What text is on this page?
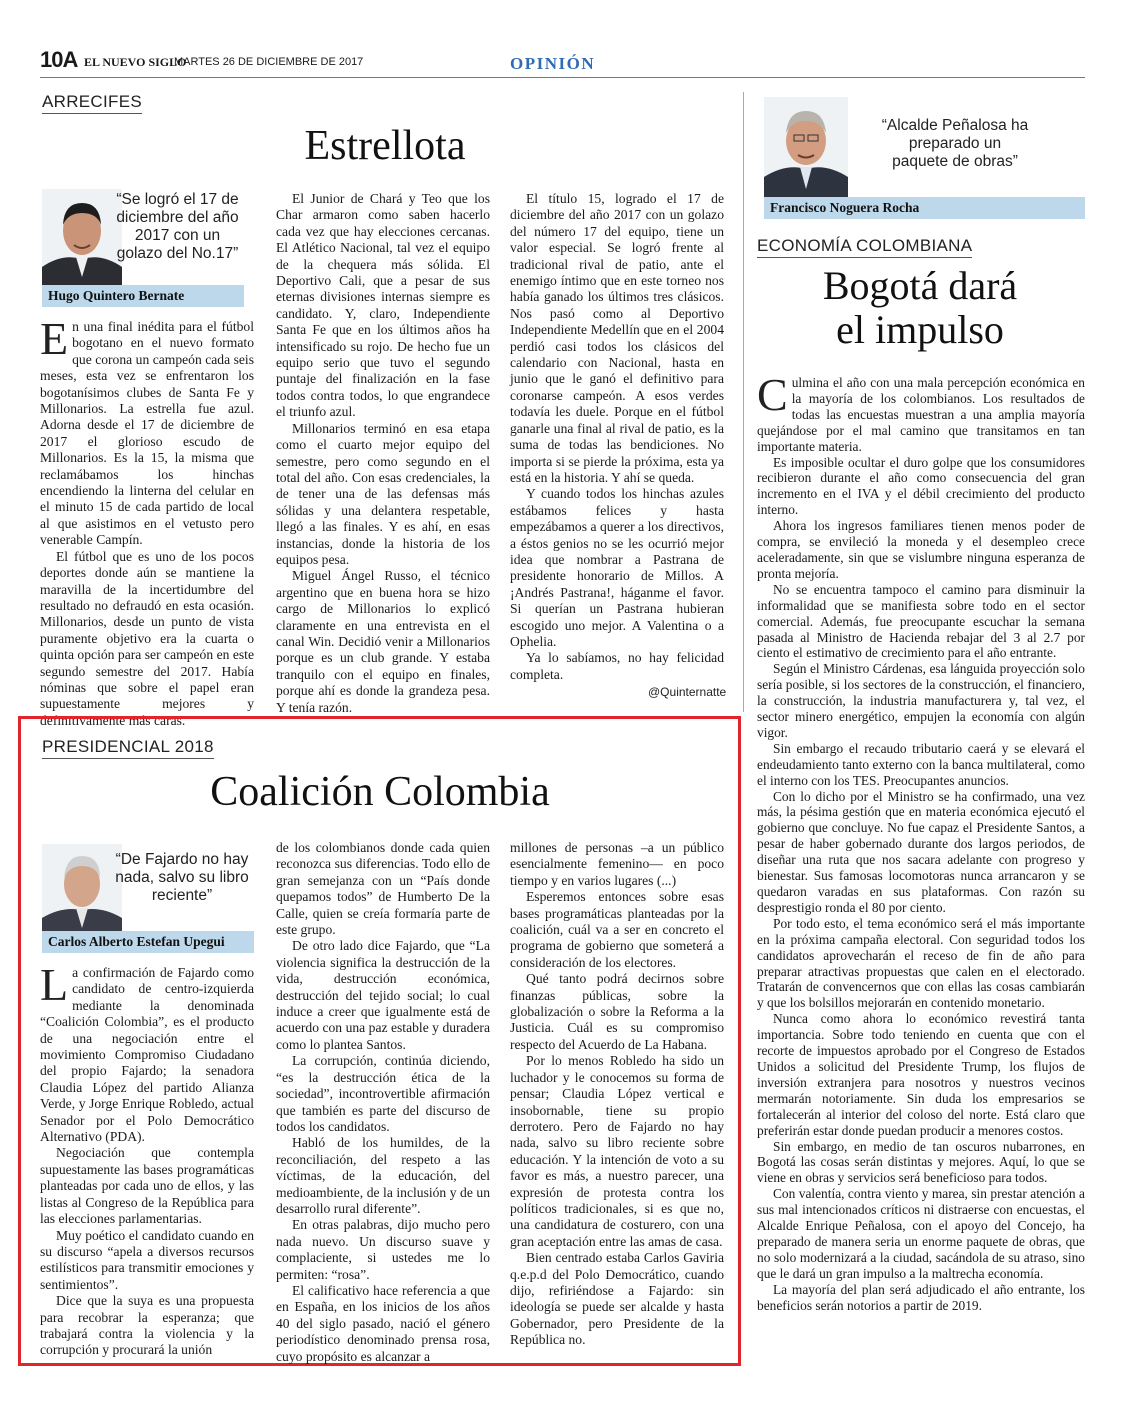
10A EL NUEVO SIGLO
MARTES 26 DE DICIEMBRE DE 2017	OPINIÓN
ARRECIFES
Estrellota
“Se logró el 17 de diciembre del año 2017 con un golazo del No.17”
Hugo Quintero Bernate

En una final inédita para el fútbol bogotano en el nuevo formato que corona un campeón cada seis meses, esta vez se enfrentaron los bogotanísimos clubes de Santa Fe y Millonarios. La estrella fue azul. Adorna desde el 17 de diciembre de 2017 el glorioso escudo de Millonarios. Es la 15, la misma que reclamábamos los hinchas encendiendo la linterna del celular en el minuto 15 de cada partido de local al que asistimos en el vetusto pero venerable Campín.

El fútbol que es uno de los pocos deportes donde aún se mantiene la maravilla de la incertidumbre del resultado no defraudó en esta ocasión. Millonarios, desde un punto de vista puramente objetivo era la cuarta o quinta opción para ser campeón en este segundo semestre del 2017. Había nóminas que sobre el papel eran supuestamente mejores y definitivamente más caras.

El Junior de Chará y Teo que los Char armaron como saben hacerlo cada vez que hay elecciones cercanas. El Atlético Nacional, tal vez el equipo de la chequera más sólida. El Deportivo Cali, que a pesar de sus eternas divisiones internas siempre es candidato. Y, claro, Independiente Santa Fe que en los últimos años ha intensificado su rojo. De hecho fue un equipo serio que tuvo el segundo puntaje del finalización en la fase todos contra todos, lo que engrandece el triunfo azul.

Millonarios terminó en esa etapa como el cuarto mejor equipo del semestre, pero como segundo en el total del año. Con esas credenciales, la de tener una de las defensas más sólidas y una delantera respetable, llegó a las finales. Y es ahí, en esas instancias, donde la historia de los equipos pesa.

Miguel Ángel Russo, el técnico argentino que en buena hora se hizo cargo de Millonarios lo explicó claramente en una entrevista en el canal Win. Decidió venir a Millonarios porque es un club grande. Y estaba tranquilo con el equipo en finales, porque ahí es donde la grandeza pesa. Y tenía razón.

El título 15, logrado el 17 de diciembre del año 2017 con un golazo del número 17 del equipo, tiene un valor especial. Se logró frente al tradicional rival de patio, ante el enemigo íntimo que en este torneo nos había ganado los últimos tres clásicos. Nos pasó como al Deportivo Independiente Medellín que en el 2004 perdió casi todos los clásicos del calendario con Nacional, hasta en junio que le ganó el definitivo para coronarse campeón. A esos verdes todavía les duele. Porque en el fútbol ganarle una final al rival de patio, es la suma de todas las bendiciones. No importa si se pierde la próxima, esta ya está en la historia. Y ahí se queda.

Y cuando todos los hinchas azules estábamos felices y hasta empezábamos a querer a los directivos, a éstos genios no se les ocurrió mejor idea que nombrar a Pastrana de presidente honorario de Millos. A ¡Andrés Pastrana!, háganme el favor. Si querían un Pastrana hubieran escogido uno mejor. A Valentina o a Ophelia.

Ya lo sabíamos, no hay felicidad completa.

@Quinternatte
PRESIDENCIAL 2018
Coalición Colombia
“De Fajardo no hay nada, salvo su libro reciente”
Carlos Alberto Estefan Upegui

La confirmación de Fajardo como candidato de centro-izquierda mediante la denominada “Coalición Colombia”, es el producto de una negociación entre el movimiento Compromiso Ciudadano del propio Fajardo; la senadora Claudia López del partido Alianza Verde, y Jorge Enrique Robledo, actual Senador por el Polo Democrático Alternativo (PDA).

Negociación que contempla supuestamente las bases programáticas planteadas por cada uno de ellos, y las listas al Congreso de la República para las elecciones parlamentarias.

Muy poético el candidato cuando en su discurso “apela a diversos recursos estilísticos para transmitir emociones y sentimientos”.

Dice que la suya es una propuesta para recobrar la esperanza; que trabajará contra la violencia y la corrupción y procurará la unión

de los colombianos donde cada quien reconozca sus diferencias. Todo ello de gran semejanza con un “País donde quepamos todos” de Humberto De la Calle, quien se creía formaría parte de este grupo.

De otro lado dice Fajardo, que “La violencia significa la destrucción de la vida, destrucción económica, destrucción del tejido social; lo cual induce a creer que igualmente está de acuerdo con una paz estable y duradera como lo plantea Santos.

La corrupción, continúa diciendo, “es la destrucción ética de la sociedad”, incontrovertible afirmación que también es parte del discurso de todos los candidatos.

Habló de los humildes, de la reconciliación, del respeto a las víctimas, de la educación, del medioambiente, de la inclusión y de un desarrollo rural diferente”.

En otras palabras, dijo mucho pero nada nuevo. Un discurso suave y complaciente, si ustedes me lo permiten: “rosa”.

El calificativo hace referencia a que en España, en los inicios de los años 40 del siglo pasado, nació el género periodístico denominado prensa rosa, cuyo propósito es alcanzar a

millones de personas –a un público esencialmente femenino— en poco tiempo y en varios lugares (...)

Esperemos entonces sobre esas bases programáticas planteadas por la coalición, cuál va a ser en concreto el programa de gobierno que someterá a consideración de los electores.

Qué tanto podrá decirnos sobre finanzas públicas, sobre la globalización o sobre la Reforma a la Justicia. Cuál es su compromiso respecto del Acuerdo de La Habana.

Por lo menos Robledo ha sido un luchador y le conocemos su forma de pensar; Claudia López vertical e insobornable, tiene su propio derrotero. Pero de Fajardo no hay nada, salvo su libro reciente sobre educación. Y la intención de voto a su favor es más, a nuestro parecer, una expresión de protesta contra los políticos tradicionales, si es que no, una candidatura de costurero, con una gran aceptación entre las amas de casa.

Bien centrado estaba Carlos Gaviria q.e.p.d del Polo Democrático, cuando dijo, refiriéndose a Fajardo: sin ideología se puede ser alcalde y hasta Gobernador, pero Presidente de la República no.

“Alcalde Peñalosa ha preparado un paquete de obras”
Francisco Noguera Rocha
ECONOMÍA COLOMBIANA
Bogotá dará
el impulso

Culmina el año con una mala percepción económica en la mayoría de los colombianos. Los resultados de todas las encuestas muestran a una amplia mayoría quejándose por el mal camino que transitamos en tan importante materia.

Es imposible ocultar el duro golpe que los consumidores recibieron durante el año como consecuencia del gran incremento en el IVA y el débil crecimiento del producto interno.

Ahora los ingresos familiares tienen menos poder de compra, se envileció la moneda y el desempleo crece aceleradamente, sin que se vislumbre ninguna esperanza de pronta mejoría.

No se encuentra tampoco el camino para disminuir la informalidad que se manifiesta sobre todo en el sector comercial. Además, fue preocupante escuchar la semana pasada al Ministro de Hacienda rebajar del 3 al 2.7 por ciento el estimativo de crecimiento para el año entrante.

Según el Ministro Cárdenas, esa lánguida proyección solo sería posible, si los sectores de la construcción, el financiero, la construcción, la industria manufacturera y, tal vez, el sector minero energético, empujen la economía con algún vigor.

Sin embargo el recaudo tributario caerá y se elevará el endeudamiento tanto externo con la banca multilateral, como el interno con los TES. Preocupantes anuncios.

Con lo dicho por el Ministro se ha confirmado, una vez más, la pésima gestión que en materia económica ejecutó el gobierno que concluye. No fue capaz el Presidente Santos, a pesar de haber gobernado durante dos largos periodos, de diseñar una ruta que nos sacara adelante con progreso y bienestar. Sus famosas locomotoras nunca arrancaron y se quedaron varadas en sus plataformas. Con razón su desprestigio ronda el 80 por ciento.

Por todo esto, el tema económico será el más importante en la próxima campaña electoral. Con seguridad todos los candidatos aprovecharán el receso de fin de año para preparar atractivas propuestas que calen en el electorado. Tratarán de convencernos que con ellas las cosas cambiarán y que los bolsillos mejorarán en contenido monetario.

Nunca como ahora lo económico revestirá tanta importancia. Sobre todo teniendo en cuenta que con el recorte de impuestos aprobado por el Congreso de Estados Unidos a solicitud del Presidente Trump, los flujos de inversión extranjera para nosotros y nuestros vecinos mermarán notoriamente. Sin duda los empresarios se fortalecerán al interior del coloso del norte. Está claro que preferirán estar donde puedan producir a menores costos.

Sin embargo, en medio de tan oscuros nubarrones, en Bogotá las cosas serán distintas y mejores. Aquí, lo que se viene en obras y servicios será beneficioso para todos.

Con valentía, contra viento y marea, sin prestar atención a sus mal intencionados críticos ni distraerse con encuestas, el Alcalde Enrique Peñalosa, con el apoyo del Concejo, ha preparado de manera seria un enorme paquete de obras, que no solo modernizará a la ciudad, sacándola de su atraso, sino que le dará un gran impulso a la maltrecha economía.

La mayoría del plan será adjudicado el año entrante, los beneficios serán notorios a partir de 2019.
